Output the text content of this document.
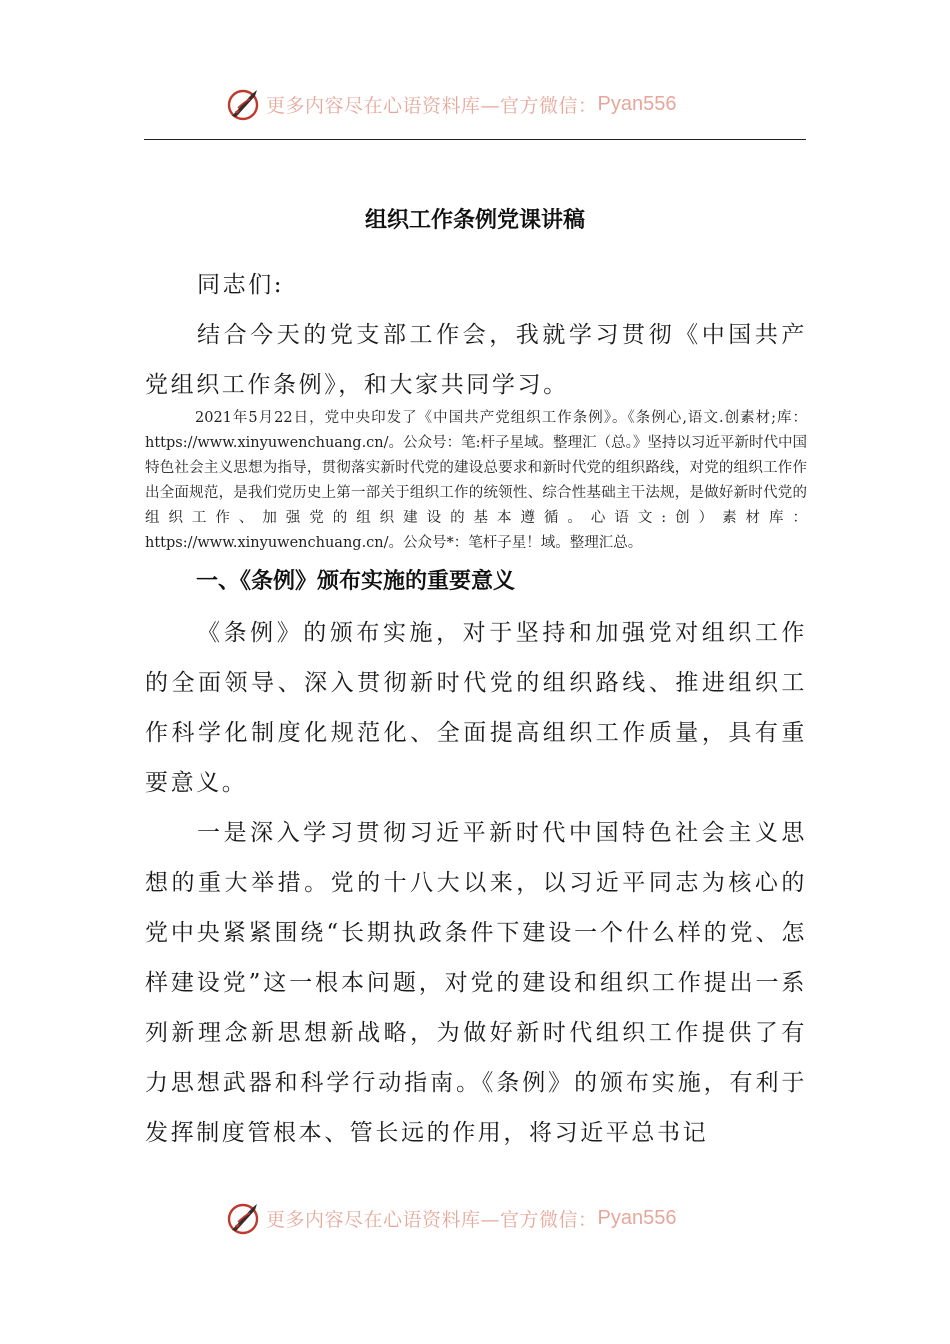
更多内容尽在心语资料库—官方微信： Pyan556
组织工作条例党课讲稿

同志们:

结合今天的党支部工作会，我就学习贯彻《中国共产党组织工作条例》，和大家共同学习。

2021年5月22日，党中央印发了《中国共产党组织工作条例》。《条例心,语文.创素材;库：https://www.xinyuwenchuang.cn/。公众号：笔:杆子星域。整理汇（总。》坚持以习近平新时代中国特色社会主义思想为指导，贯彻落实新时代党的建设总要求和新时代党的组织路线，对党的组织工作作出全面规范，是我们党历史上第一部关于组织工作的统领性、综合性基础主干法规，是做好新时代党的组织工作、加强党的组织建设的基本遵循。心语文:创）素材库：https://www.xinyuwenchuang.cn/。公众号*：笔杆子星！域。整理汇总。

一、《条例》颁布实施的重要意义

《条例》的颁布实施，对于坚持和加强党对组织工作的全面领导、深入贯彻新时代党的组织路线、推进组织工作科学化制度化规范化、全面提高组织工作质量，具有重要意义。

一是深入学习贯彻习近平新时代中国特色社会主义思想的重大举措。党的十八大以来，以习近平同志为核心的党中央紧紧围绕“长期执政条件下建设一个什么样的党、怎样建设党”这一根本问题，对党的建设和组织工作提出一系列新理念新思想新战略，为做好新时代组织工作提供了有力思想武器和科学行动指南。《条例》的颁布实施，有利于发挥制度管根本、管长远的作用，将习近平总书记

更多内容尽在心语资料库—官方微信： Pyan556
